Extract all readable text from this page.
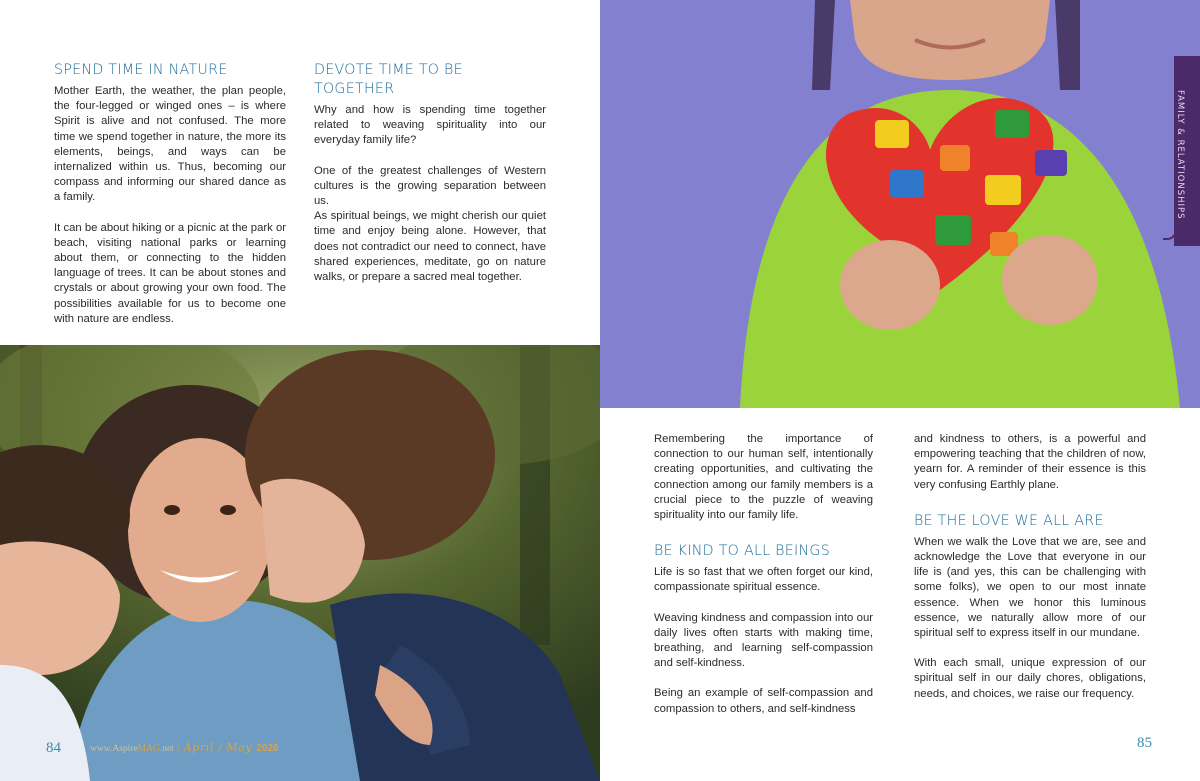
SPEND TIME IN NATURE

Mother Earth, the weather, the plan people, the four-legged or winged ones – is where Spirit is alive and not confused. The more time we spend together in nature, the more its elements, beings, and ways can be internalized within us. Thus, becoming our compass and informing our shared dance as a family.

It can be about hiking or a picnic at the park or beach, visiting national parks or learning about them, or connecting to the hidden language of trees. It can be about stones and crystals or about growing your own food. The possibilities available for us to become one with nature are endless.

DEVOTE TIME TO BE TOGETHER

Why and how is spending time together related to weaving spirituality into our everyday family life?

One of the greatest challenges of Western cultures is the growing separation between us.

As spiritual beings, we might cherish our quiet time and enjoy being alone. However, that does not contradict our need to connect, have shared experiences, meditate, go on nature walks, or prepare a sacred meal together.

FAMILY & RELATIONSHIPS

Remembering the importance of connection to our human self, intentionally creating opportunities, and cultivating the connection among our family members is a crucial piece to the puzzle of weaving spirituality into our family life.

BE KIND TO ALL BEINGS

Life is so fast that we often forget our kind, compassionate spiritual essence.

Weaving kindness and compassion into our daily lives often starts with making time, breathing, and learning self-compassion and self-kindness.

Being an example of self-compassion and compassion to others, and self-kindness

and kindness to others, is a powerful and empowering teaching that the children of now, yearn for. A reminder of their essence is this very confusing Earthly plane.

BE THE LOVE WE ALL ARE

When we walk the Love that we are, see and acknowledge the Love that everyone in our life is (and yes, this can be challenging with some folks), we open to our most innate essence. When we honor this luminous essence, we naturally allow more of our spiritual self to express itself in our mundane.

With each small, unique expression of our spiritual self in our daily chores, obligations, needs, and choices, we raise our frequency.

84	www.AspireMAG.net | April / May 2026	85
